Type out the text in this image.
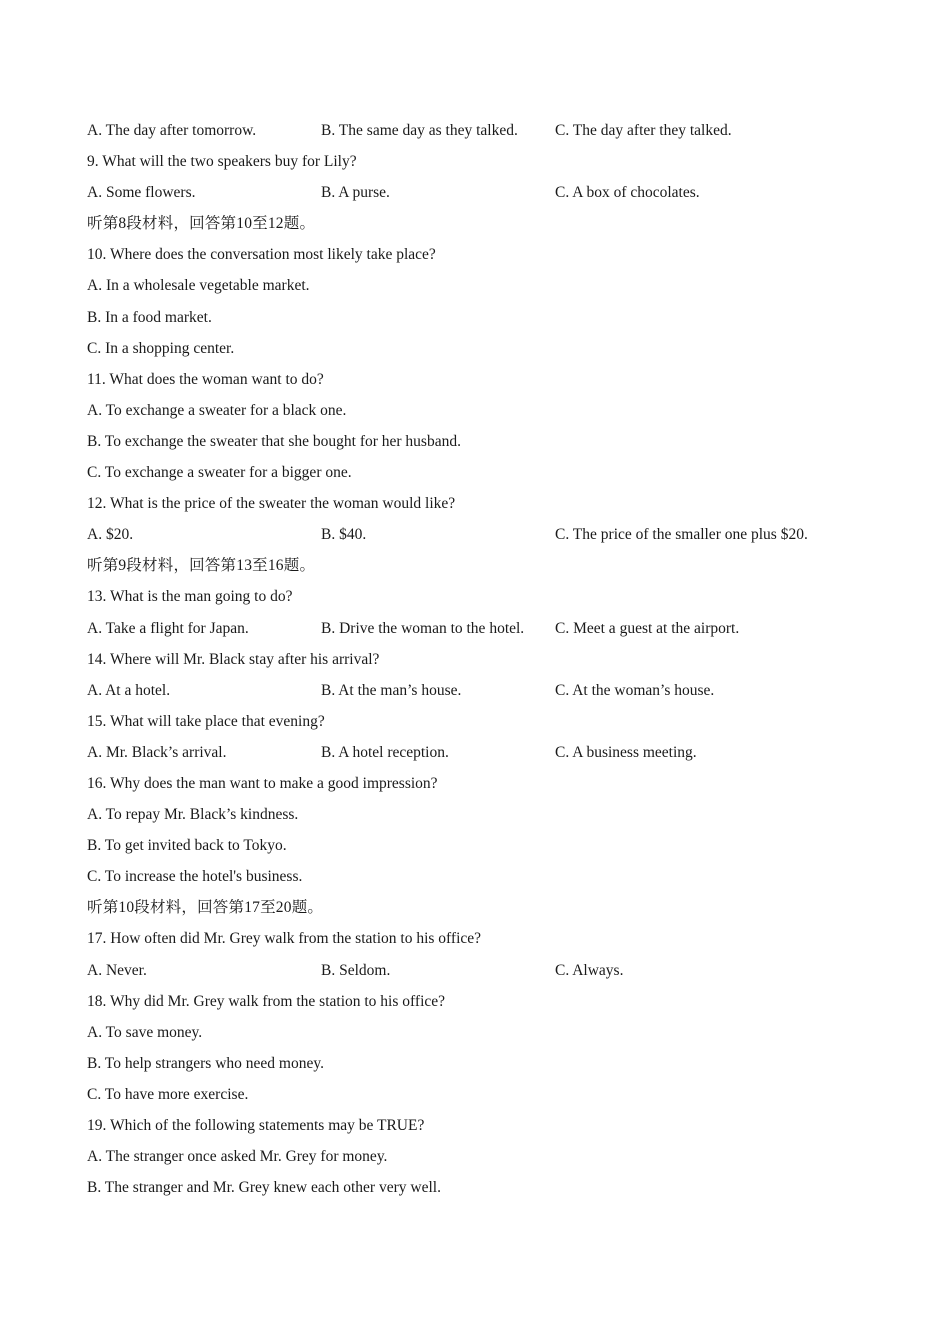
A. The day after tomorrow.	B. The same day as they talked. C. The day after they talked.
9. What will the two speakers buy for Lily?
A. Some flowers.	B. A purse.	C. A box of chocolates.
听第8段材料，回答第10至12题。
10. Where does the conversation most likely take place?
A. In a wholesale vegetable market.
B. In a food market.
C. In a shopping center.
11. What does the woman want to do?
A. To exchange a sweater for a black one.
B. To exchange the sweater that she bought for her husband.
C. To exchange a sweater for a bigger one.
12. What is the price of the sweater the woman would like?
A. $20.	B. $40.	C. The price of the smaller one plus $20.
听第9段材料，回答第13至16题。
13. What is the man going to do?
A. Take a flight for Japan.	B. Drive the woman to the hotel. C. Meet a guest at the airport.
14. Where will Mr. Black stay after his arrival?
A. At a hotel.	B. At the man’s house.	C. At the woman’s house.
15. What will take place that evening?
A. Mr. Black’s arrival.	B. A hotel reception.	C. A business meeting.
16. Why does the man want to make a good impression?
A. To repay Mr. Black’s kindness.
B. To get invited back to Tokyo.
C. To increase the hotel's business.
听第10段材料，回答第17至20题。
17. How often did Mr. Grey walk from the station to his office?
A. Never.	B. Seldom.	C. Always.
18. Why did Mr. Grey walk from the station to his office?
A. To save money.
B. To help strangers who need money.
C. To have more exercise.
19. Which of the following statements may be TRUE?
A. The stranger once asked Mr. Grey for money.
B. The stranger and Mr. Grey knew each other very well.
